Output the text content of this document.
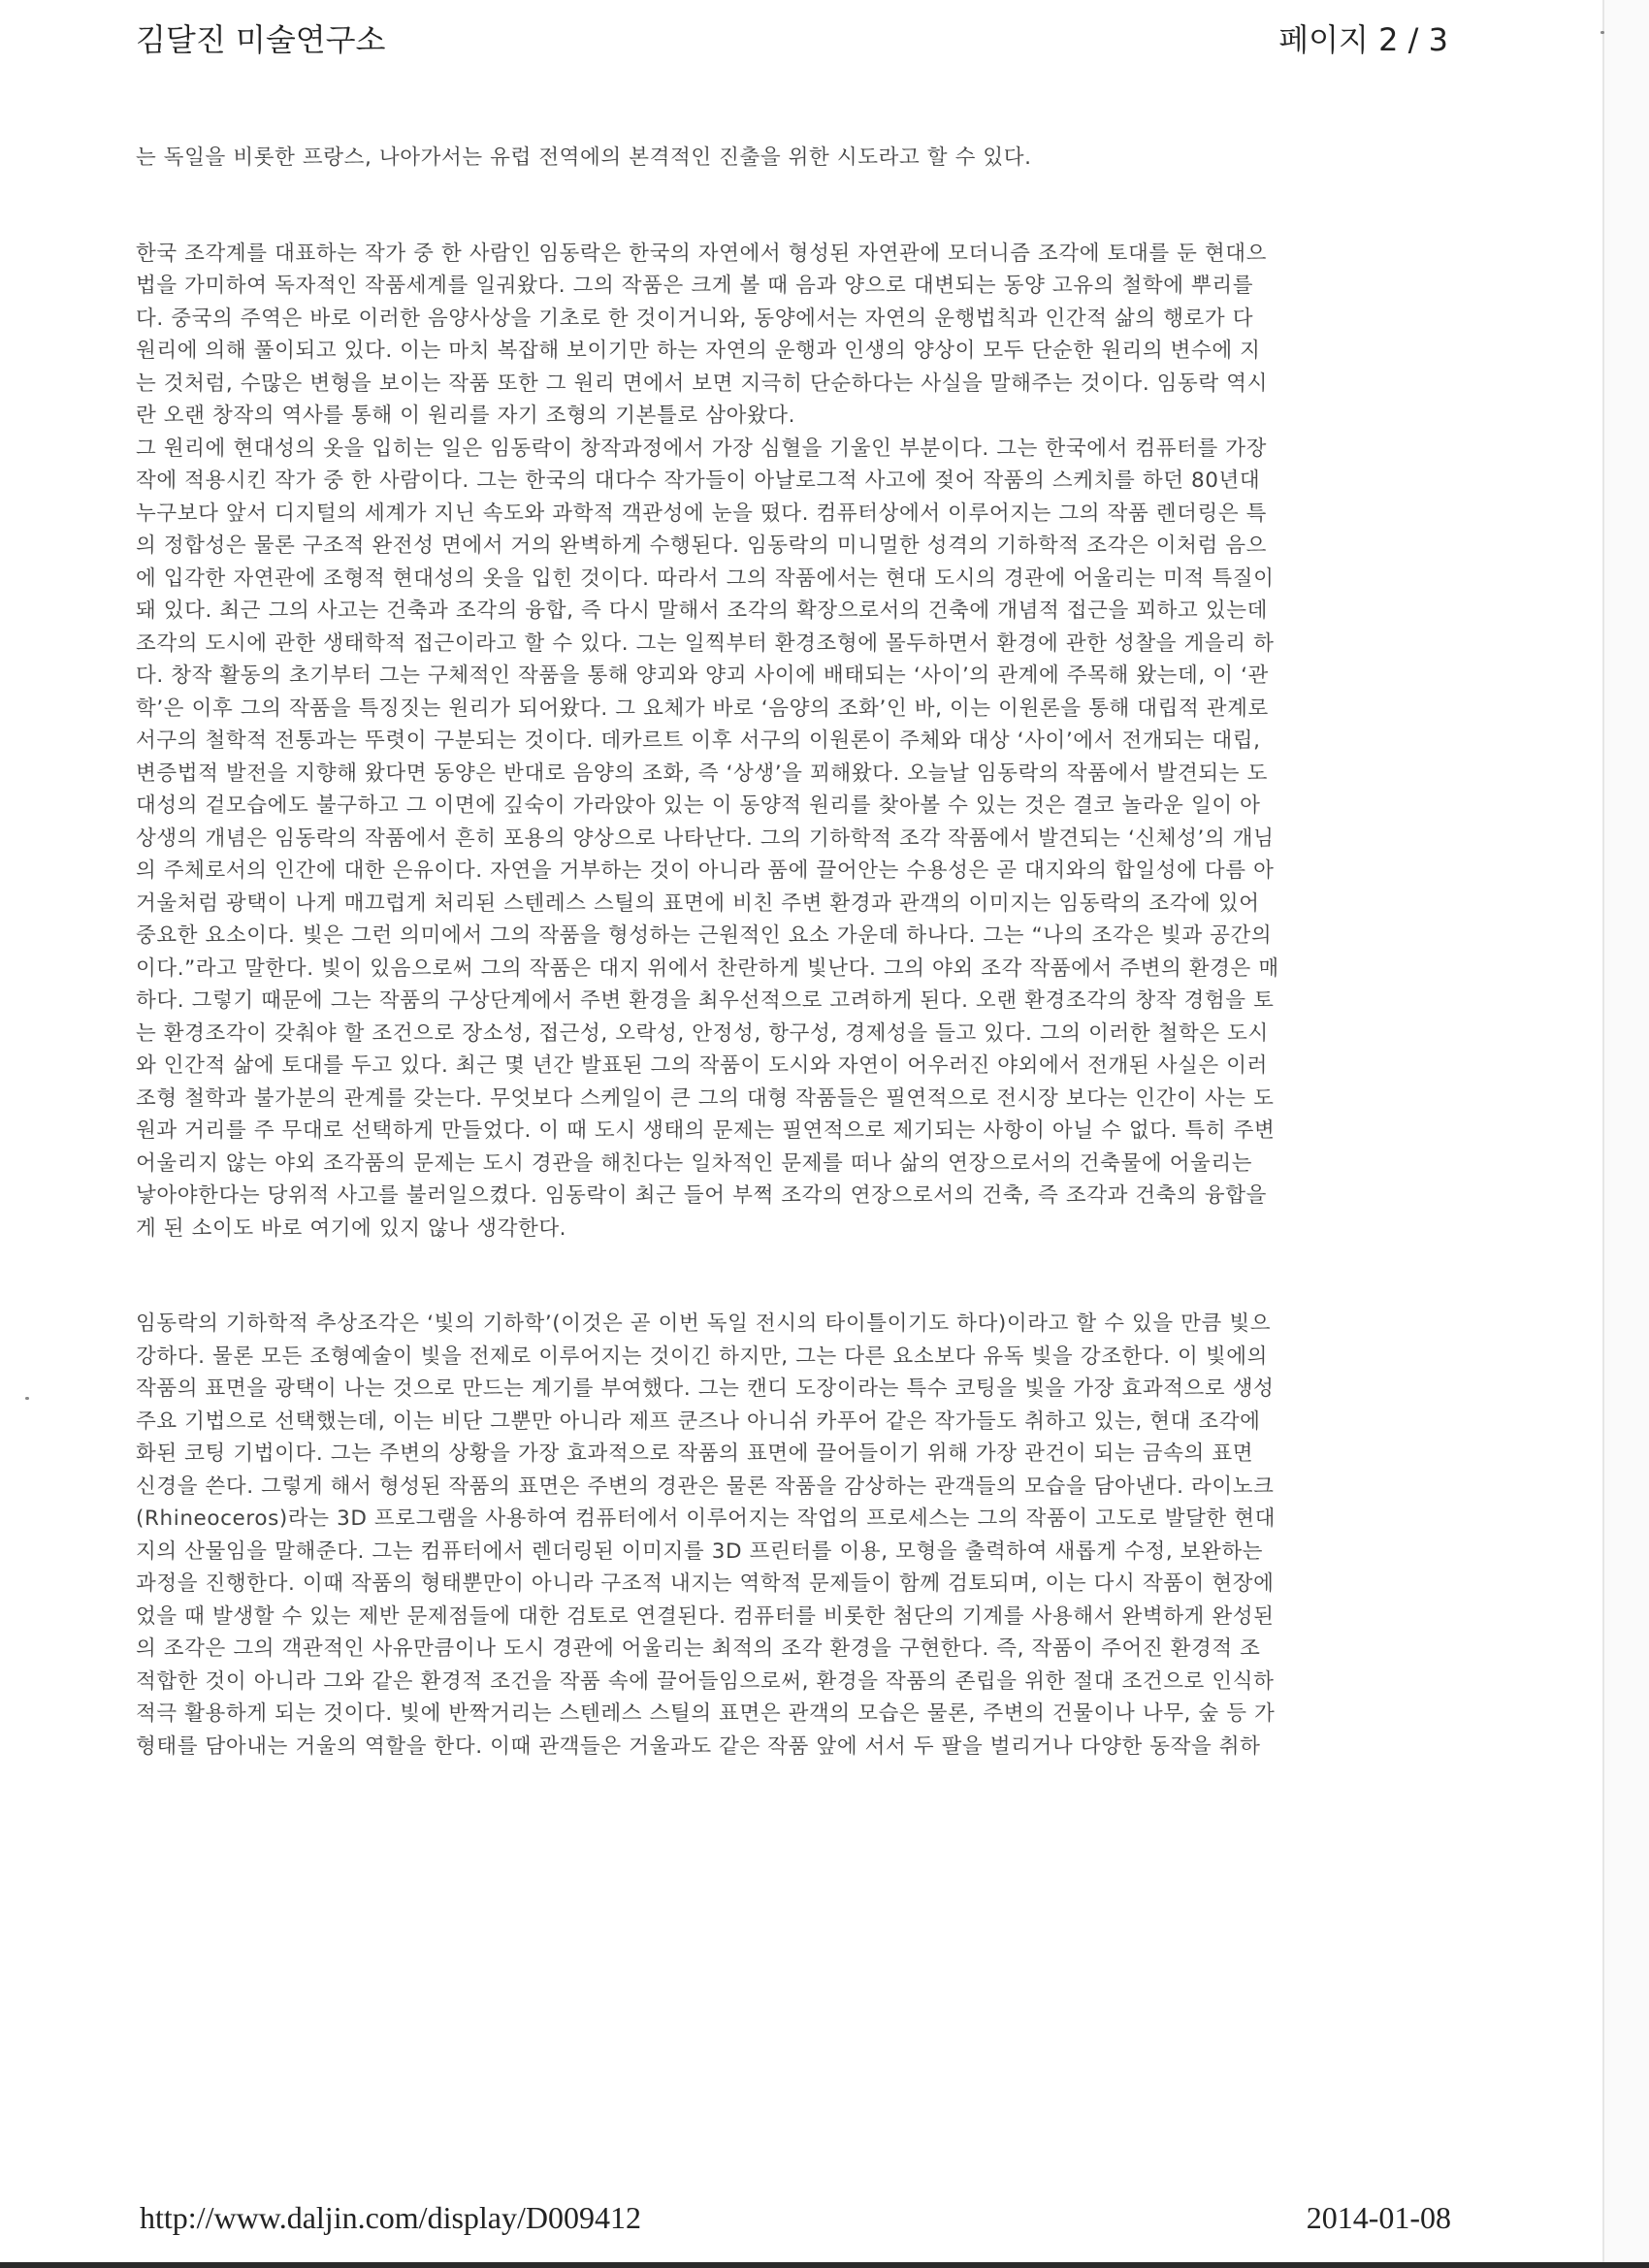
김달진 미술연구소	페이지 2 / 3
는 독일을 비롯한 프랑스, 나아가서는 유럽 전역에의 본격적인 진출을 위한 시도라고 할 수 있다.
한국 조각계를 대표하는 작가 중 한 사람인 임동락은 한국의 자연에서 형성된 자연관에 모더니즘 조각에 토대를 둔 현대으
법을 가미하여 독자적인 작품세계를 일궈왔다. 그의 작품은 크게 볼 때 음과 양으로 대변되는 동양 고유의 철학에 뿌리를
다. 중국의 주역은 바로 이러한 음양사상을 기초로 한 것이거니와, 동양에서는 자연의 운행법칙과 인간적 삶의 행로가 다
원리에 의해 풀이되고 있다. 이는 마치 복잡해 보이기만 하는 자연의 운행과 인생의 양상이 모두 단순한 원리의 변수에 지
는 것처럼, 수많은 변형을 보이는 작품 또한 그 원리 면에서 보면 지극히 단순하다는 사실을 말해주는 것이다. 임동락 역시
란 오랜 창작의 역사를 통해 이 원리를 자기 조형의 기본틀로 삼아왔다.
그 원리에 현대성의 옷을 입히는 일은 임동락이 창작과정에서 가장 심혈을 기울인 부분이다. 그는 한국에서 컴퓨터를 가장
작에 적용시킨 작가 중 한 사람이다. 그는 한국의 대다수 작가들이 아날로그적 사고에 젖어 작품의 스케치를 하던 80년대
누구보다 앞서 디지털의 세계가 지닌 속도와 과학적 객관성에 눈을 떴다. 컴퓨터상에서 이루어지는 그의 작품 렌더링은 특
의 정합성은 물론 구조적 완전성 면에서 거의 완벽하게 수행된다. 임동락의 미니멀한 성격의 기하학적 조각은 이처럼 음으
에 입각한 자연관에 조형적 현대성의 옷을 입힌 것이다. 따라서 그의 작품에서는 현대 도시의 경관에 어울리는 미적 특질이
돼 있다. 최근 그의 사고는 건축과 조각의 융합, 즉 다시 말해서 조각의 확장으로서의 건축에 개념적 접근을 꾀하고 있는데
조각의 도시에 관한 생태학적 접근이라고 할 수 있다. 그는 일찍부터 환경조형에 몰두하면서 환경에 관한 성찰을 게을리 하
다. 창작 활동의 초기부터 그는 구체적인 작품을 통해 양괴와 양괴 사이에 배태되는 ‘사이’의 관계에 주목해 왔는데, 이 ‘관
학’은 이후 그의 작품을 특징짓는 원리가 되어왔다. 그 요체가 바로 ‘음양의 조화’인 바, 이는 이원론을 통해 대립적 관계로
서구의 철학적 전통과는 뚜렷이 구분되는 것이다. 데카르트 이후 서구의 이원론이 주체와 대상 ‘사이’에서 전개되는 대립,
변증법적 발전을 지향해 왔다면 동양은 반대로 음양의 조화, 즉 ‘상생’을 꾀해왔다. 오늘날 임동락의 작품에서 발견되는 도
대성의 겉모습에도 불구하고 그 이면에 깊숙이 가라앉아 있는 이 동양적 원리를 찾아볼 수 있는 것은 결코 놀라운 일이 아
상생의 개념은 임동락의 작품에서 흔히 포용의 양상으로 나타난다. 그의 기하학적 조각 작품에서 발견되는 ‘신체성’의 개님
의 주체로서의 인간에 대한 은유이다. 자연을 거부하는 것이 아니라 품에 끌어안는 수용성은 곧 대지와의 합일성에 다름 아
거울처럼 광택이 나게 매끄럽게 처리된 스텐레스 스틸의 표면에 비친 주변 환경과 관객의 이미지는 임동락의 조각에 있어
중요한 요소이다. 빛은 그런 의미에서 그의 작품을 형성하는 근원적인 요소 가운데 하나다. 그는 “나의 조각은 빛과 공간의
이다.”라고 말한다. 빛이 있음으로써 그의 작품은 대지 위에서 찬란하게 빛난다. 그의 야외 조각 작품에서 주변의 환경은 매
하다. 그렇기 때문에 그는 작품의 구상단계에서 주변 환경을 최우선적으로 고려하게 된다. 오랜 환경조각의 창작 경험을 토
는 환경조각이 갖춰야 할 조건으로 장소성, 접근성, 오락성, 안정성, 항구성, 경제성을 들고 있다. 그의 이러한 철학은 도시
와 인간적 삶에 토대를 두고 있다. 최근 몇 년간 발표된 그의 작품이 도시와 자연이 어우러진 야외에서 전개된 사실은 이러
조형 철학과 불가분의 관계를 갖는다. 무엇보다 스케일이 큰 그의 대형 작품들은 필연적으로 전시장 보다는 인간이 사는 도
원과 거리를 주 무대로 선택하게 만들었다. 이 때 도시 생태의 문제는 필연적으로 제기되는 사항이 아닐 수 없다. 특히 주변
어울리지 않는 야외 조각품의 문제는 도시 경관을 해친다는 일차적인 문제를 떠나 삶의 연장으로서의 건축물에 어울리는
낳아야한다는 당위적 사고를 불러일으켰다. 임동락이 최근 들어 부쩍 조각의 연장으로서의 건축, 즉 조각과 건축의 융합을
게 된 소이도 바로 여기에 있지 않나 생각한다.
임동락의 기하학적 추상조각은 ‘빛의 기하학’(이것은 곧 이번 독일 전시의 타이틀이기도 하다)이라고 할 수 있을 만큼 빛으
강하다. 물론 모든 조형예술이 빛을 전제로 이루어지는 것이긴 하지만, 그는 다른 요소보다 유독 빛을 강조한다. 이 빛에의
작품의 표면을 광택이 나는 것으로 만드는 계기를 부여했다. 그는 캔디 도장이라는 특수 코팅을 빛을 가장 효과적으로 생성
주요 기법으로 선택했는데, 이는 비단 그뿐만 아니라 제프 쿤즈나 아니쉬 카푸어 같은 작가들도 취하고 있는, 현대 조각에
화된 코팅 기법이다. 그는 주변의 상황을 가장 효과적으로 작품의 표면에 끌어들이기 위해 가장 관건이 되는 금속의 표면
신경을 쓴다. 그렇게 해서 형성된 작품의 표면은 주변의 경관은 물론 작품을 감상하는 관객들의 모습을 담아낸다. 라이노크
(Rhineoceros)라는 3D 프로그램을 사용하여 컴퓨터에서 이루어지는 작업의 프로세스는 그의 작품이 고도로 발달한 현대
지의 산물임을 말해준다. 그는 컴퓨터에서 렌더링된 이미지를 3D 프린터를 이용, 모형을 출력하여 새롭게 수정, 보완하는
과정을 진행한다. 이때 작품의 형태뿐만이 아니라 구조적 내지는 역학적 문제들이 함께 검토되며, 이는 다시 작품이 현장에
었을 때 발생할 수 있는 제반 문제점들에 대한 검토로 연결된다. 컴퓨터를 비롯한 첨단의 기계를 사용해서 완벽하게 완성된
의 조각은 그의 객관적인 사유만큼이나 도시 경관에 어울리는 최적의 조각 환경을 구현한다. 즉, 작품이 주어진 환경적 조
적합한 것이 아니라 그와 같은 환경적 조건을 작품 속에 끌어들임으로써, 환경을 작품의 존립을 위한 절대 조건으로 인식하
적극 활용하게 되는 것이다. 빛에 반짝거리는 스텐레스 스틸의 표면은 관객의 모습은 물론, 주변의 건물이나 나무, 숲 등 가
형태를 담아내는 거울의 역할을 한다. 이때 관객들은 거울과도 같은 작품 앞에 서서 두 팔을 벌리거나 다양한 동작을 취하
http://www.daljin.com/display/D009412	2014-01-08
